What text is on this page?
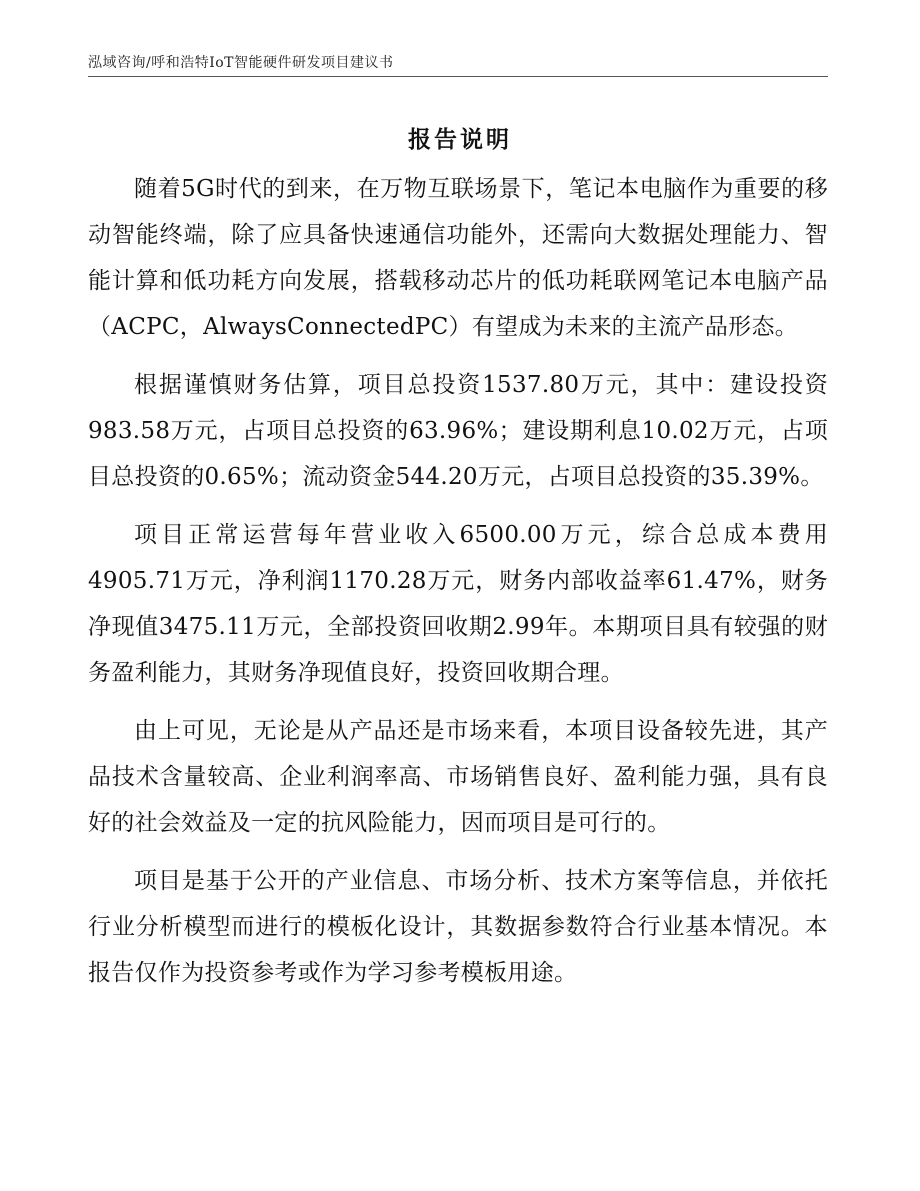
泓域咨询/呼和浩特IoT智能硬件研发项目建议书
报告说明

随着5G时代的到来，在万物互联场景下，笔记本电脑作为重要的移动智能终端，除了应具备快速通信功能外，还需向大数据处理能力、智能计算和低功耗方向发展，搭载移动芯片的低功耗联网笔记本电脑产品（ACPC，AlwaysConnectedPC）有望成为未来的主流产品形态。

根据谨慎财务估算，项目总投资1537.80万元，其中：建设投资983.58万元，占项目总投资的63.96%；建设期利息10.02万元，占项目总投资的0.65%；流动资金544.20万元，占项目总投资的35.39%。

项目正常运营每年营业收入6500.00万元，综合总成本费用4905.71万元，净利润1170.28万元，财务内部收益率61.47%，财务净现值3475.11万元，全部投资回收期2.99年。本期项目具有较强的财务盈利能力，其财务净现值良好，投资回收期合理。

由上可见，无论是从产品还是市场来看，本项目设备较先进，其产品技术含量较高、企业利润率高、市场销售良好、盈利能力强，具有良好的社会效益及一定的抗风险能力，因而项目是可行的。

项目是基于公开的产业信息、市场分析、技术方案等信息，并依托行业分析模型而进行的模板化设计，其数据参数符合行业基本情况。本报告仅作为投资参考或作为学习参考模板用途。
